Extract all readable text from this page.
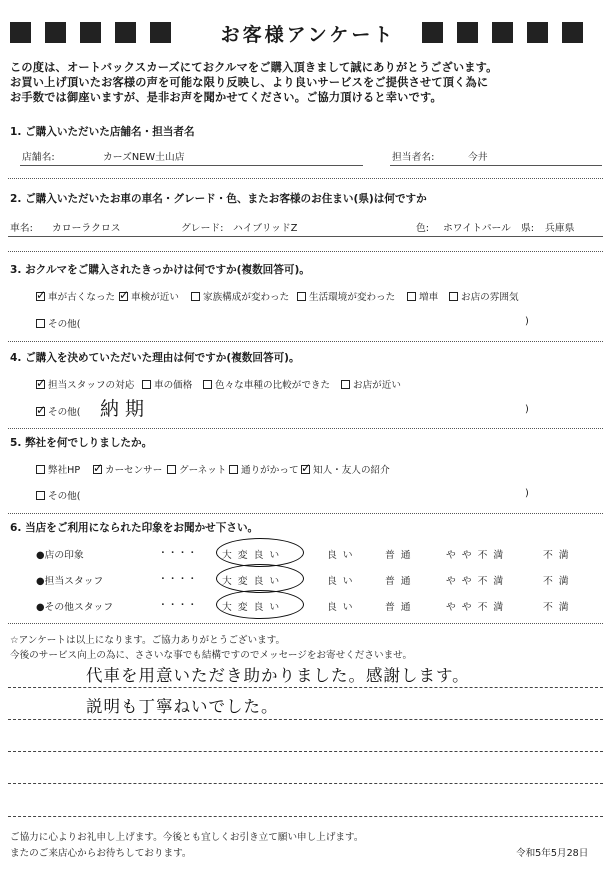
お客様アンケート
この度は、オートバックスカーズにておクルマをご購入頂きまして誠にありがとうございます。
お買い上げ頂いたお客様の声を可能な限り反映し、より良いサービスをご提供させて頂く為に
お手数では御座いますが、是非お声を聞かせてください。ご協力頂けると幸いです。
1. ご購入いただいた店舗名・担当者名
店舗名:	カーズNEW土山店	担当者名:	今井
2. ご購入いただいたお車の車名・グレード・色、またお客様のお住まい(県)は何ですか
車名: カローラクロス	グレード: ハイブリッドZ	色: ホワイトパール 県: 兵庫県
3. おクルマをご購入されたきっかけは何ですか(複数回答可)。
✓ 車が古くなった ✓ 車検が近い	家族構成が変わった 生活環境が変わった 増車 お店の雰囲気
その他(	)
4. ご購入を決めていただいた理由は何ですか(複数回答可)。
✓ 担当スタッフの対応 車の価格 色々な車種の比較ができた お店が近い
✓ その他( 納期	)
5. 弊社を何でしりましたか。
弊社HP ✓ カーセンサー グーネット 通りがかって ✓ 知人・友人の紹介
その他(	)
6. 当店をご利用になられた印象をお聞かせ下さい。
●店の印象	・・・・	大変良い	良い	普通	やや不満	不満
●担当スタッフ	・・・・	大変良い	良い	普通	やや不満	不満
●その他スタッフ	・・・・	大変良い	良い	普通	やや不満	不満
☆アンケートは以上になります。ご協力ありがとうございます。
今後のサービス向上の為に、ささいな事でも結構ですのでメッセージをお寄せくださいませ。
代車を用意いただき助かりました。感謝します。
説明も丁寧ねいでした。
ご協力に心よりお礼申し上げます。今後とも宜しくお引き立て願い申し上げます。
またのご来店心からお待ちしております。	令和5年5月28日
